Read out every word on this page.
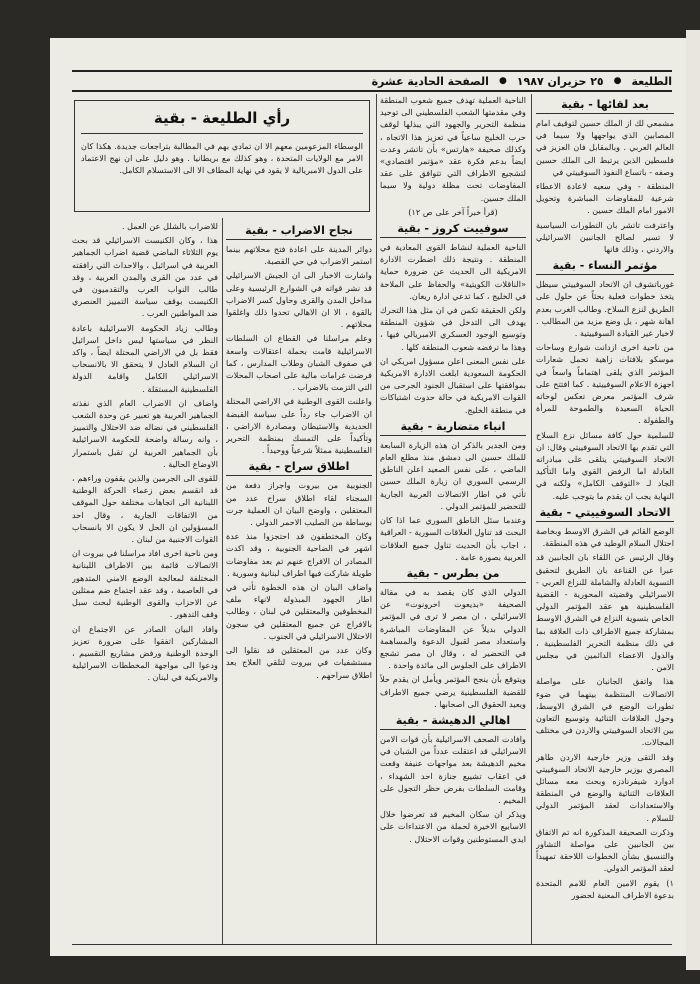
الطليعة
●
٢٥ حزيران ١٩٨٧
●
الصفحة الحادية عشرة
بعد لقائها - بقية

مشمعي لك از الملك حسين لتوقيف امام المصابين الذي يواجهها ولا سيما في العالم العربي . وبالمقابل فان العزيز في فلسطين الذين يرتبط الى الملك حسين وصفه - باتساع النفوذ السوفييتي في

المنطقة - وفي سعيه لاعادة الاعطاء شرعية للمفاوضات المباشرة وتحويل الامور امام الملك حسين .

واعترفت تاتشر بان التطورات السياسية لا تسير لصالح الجانبين الاسرائيلي والاردني ، وذلك فانها

مؤتمر النساء - بقية

غورباتشوف ان الاتحاد السوفييتي سيظل يتخذ خطوات فعلية بحثاً عن حلول على الطريق لنزع السلاح. وطالب الغرب بعدم اهانة شهر ، بل وضع مزيد من المطالب . لاخيار غير القيادة السوفييتية .

من ناحية اخرى ازدانت شوارع وساحات موسكو بلافتات زاهية تحمل شعارات المؤتمر الذي يلقى اهتماماً واسعاً في اجهزة الاعلام السوفييتية . كما افتتح على شرف المؤتمر معرض تعكس لوحاته الحياة السعيدة والطموحة للمرأة والطفولة .

للسلمية حول كافة مسائل نزع السلاح التي تقدم بها الاتحاد السوفييتي وقال: ان الاتحاد السوفييتي يتلقى على مبادراته العادلة اما الرفض القوي واما التأكيد الجاد لـ «التوقف الكامل» ولكنه في النهاية يجب ان يقدم ما يتوجب عليه.

الاتحاد السوفييتي - بقية

الوضع القائم في الشرق الاوسط وبخاصة احتلال السلام الوطيد في هذه المنطقة.

وقال الرئيس عن اللقاء بان الجانبين قد عبرا عن القناعة بان الطريق لتحقيق التسوية العادلة والشاملة للنزاع العربي - الاسرائيلي وقضيته المحورية - القضية الفلسطينية هو عقد المؤتمر الدولي الخاص بتسوية النزاع في الشرق الاوسط بمشاركة جميع الاطراف ذات العلاقة بما في ذلك منظمة التحرير الفلسطينية ، والدول الاعضاء الدائمين في مجلس الامن .

هذا واتفق الجانبان على مواصلة الاتصالات المنتظمة بينهما في ضوء تطورات الوضع في الشرق الاوسط، وحول العلاقات الثنائية وتوسيع التعاون بين الاتحاد السوفييتي والاردن في مختلف المجالات.

وقد التقى وزير خارجية الاردن طاهر المصري بوزير خارجية الاتحاد السوفييتي ادوارد شيفرنادزه وبحث معه مسائل العلاقات الثنائية والوضع في المنطقة والاستعدادات لعقد المؤتمر الدولي للسلام .

وذكرت الصحيفة المذكورة انه تم الاتفاق بين الجانبين على مواصلة التشاور والتنسيق بشأن الخطوات اللاحقة تمهيداً لعقد المؤتمر الدولي.

١) يقوم الامين العام للامم المتحدة بدعوة الاطراف المعنية لحضور

الناحية العملية تهدف جميع شعوب المنطقة وفي مقدمتها الشعب الفلسطيني الى توحيد منظمة التحرير والجهود التي يبذلها لوقف حرب الخليج ساعياً في تعزيز هذا الاتجاه ، وكذلك صحيفة «هارتس» بأن تاتشر وعدت ايضاً بدعم فكرة عقد «مؤتمر اقتصادي» لتشجيع الاطراف التي تتوافق على عقد المفاوضات تحت مظلة دولية ولا سيما الملك حسين.

(قرأ خبراً آخر على ص ١٢)

سوفييت كروز - بقية

الناحية العملية لنشاط القوى المعادية في المنطقة . ونتيجة ذلك اضطرت الادارة الامريكية الى الحديث عن ضرورة حماية «الناقلات الكويتية» والحفاظ على الملاحة في الخليج ، كما تدعي ادارة ريغان.

ولكن الحقيقة تكمن في ان مثل هذا التحرك يهدف الى التدخل في شؤون المنطقة وتوسيع الوجود العسكري الامبريالي فيها ، وهذا ما ترفضه شعوب المنطقة كلها .

على نفس المعنى اعلن مسؤول امريكي ان الحكومة السعودية ابلغت الادارة الامريكية بموافقتها على استقبال الجنود الجرحى من القوات الامريكية في حالة حدوث اشتباكات في منطقة الخليج.

انباء متضاربة - بقية

ومن الجدير بالذكر ان هذه الزيارة السابعة للملك حسين الى دمشق منذ مطلع العام الماضي ، على نفس الصعيد اعلن الناطق الرسمي السوري ان زيارة الملك حسين تأتي في اطار الاتصالات العربية الجارية للتحضير للمؤتمر الدولي .

وعندما سئل الناطق السوري عما اذا كان البحث قد تناول العلاقات السورية - العراقية ، اجاب بأن الحديث تناول جميع العلاقات العربية بصورة عامة .

من بطرس - بقية

الدولي الذي كان يقصد به في مقالة الصحيفة «بديعوت احرونوت» عن الاسرائيلي ، ان مصر لا ترى في المؤتمر الدولي بديلاً عن المفاوضات المباشرة واستعداد مصر لقبول الدعوة والمساهمة في التحضير له ، وقال ان مصر تشجع الاطراف على الجلوس الى مائدة واحدة .

ويتوقع بأن ينجح المؤتمر ويأمل ان يقدم حلاً للقضية الفلسطينية يرضي جميع الاطراف ويعيد الحقوق الى اصحابها .

اهالي الدهيشة - بقية

وافادت الصحف الاسرائيلية بأن قوات الامن الاسرائيلي قد اعتقلت عدداً من الشبان في مخيم الدهيشة بعد مواجهات عنيفة وقعت في اعقاب تشييع جنازة احد الشهداء ، وقامت السلطات بفرض حظر التجول على المخيم .

ويذكر ان سكان المخيم قد تعرضوا خلال الاسابيع الاخيرة لحملة من الاعتداءات على ايدي المستوطنين وقوات الاحتلال .

رأي الطليعة - بقية

الوسطاء المزعومين معهم الا ان تمادي بهم في المطالبة بتراجعات جديدة. هكذا كان الامر مع الولايات المتحدة ، وهو كذلك مع بريطانيا . وهو دليل على ان نهج الاعتماد على الدول الامبريالية لا يقود في نهاية المطاف الا الى الاستسلام الكامل.

نجاح الاضراب - بقية

دوائر المدينة على اعادة فتح محلاتهم بينما استمر الاضراب في حي القصبة.

واشارت الاخبار الى ان الجيش الاسرائيلي قد نشر قواته في الشوارع الرئيسية وعلى مداخل المدن والقرى وحاول كسر الاضراب بالقوة ، الا ان الاهالي تحدوا ذلك واغلقوا محلاتهم .

وعلم مراسلنا في القطاع ان السلطات الاسرائيلية قامت بحملة اعتقالات واسعة في صفوف الشبان وطلاب المدارس ، كما فرضت غرامات مالية على اصحاب المحلات التي التزمت بالاضراب .

واعلنت القوى الوطنية في الاراضي المحتلة ان الاضراب جاء رداً على سياسة القبضة الحديدية والاستيطان ومصادرة الاراضي ، وتأكيداً على التمسك بمنظمة التحرير الفلسطينية ممثلاً شرعياً ووحيداً .

اطلاق سراح - بقية

الجنوبية من بيروت واجراز دفعة من السجناء لقاء اطلاق سراح عدد من المعتقلين ، واوضح البيان ان العملية جرت بوساطة من الصليب الاحمر الدولي .

وكان المختطفون قد احتجزوا منذ عدة اشهر في الضاحية الجنوبية ، وقد اكدت المصادر ان الافراج عنهم تم بعد مفاوضات طويلة شاركت فيها اطراف لبنانية وسورية .

واضاف البيان ان هذه الخطوة تأتي في اطار الجهود المبذولة لانهاء ملف المخطوفين والمعتقلين في لبنان ، وطالب بالافراج عن جميع المعتقلين في سجون الاحتلال الاسرائيلي في الجنوب .

وكان عدد من المعتقلين قد نقلوا الى مستشفيات في بيروت لتلقي العلاج بعد اطلاق سراحهم .

للاضراب بالشلل عن العمل .

هذا ، وكان الكنيست الاسرائيلي قد بحث يوم الثلاثاء الماضي قضية اضراب الجماهير العربية في اسرائيل ، والاحداث التي رافقته في عدد من القرى والمدن العربية ، وقد طالب النواب العرب والتقدميون في الكنيست بوقف سياسة التمييز العنصري ضد المواطنين العرب .

وطالب زياد الحكومة الاسرائيلية باعادة النظر في سياستها ليس داخل اسرائيل فقط بل في الاراضي المحتلة ايضاً ، واكد ان السلام العادل لا يتحقق الا بالانسحاب الاسرائيلي الكامل واقامة الدولة الفلسطينية المستقلة .

واضاف ان الاضراب العام الذي نفذته الجماهير العربية هو تعبير عن وحدة الشعب الفلسطيني في نضاله ضد الاحتلال والتمييز ، وانه رسالة واضحة للحكومة الاسرائيلية بأن الجماهير العربية لن تقبل باستمرار الاوضاع الحالية .

للقوى الى الجرمين والذين يقفون وراءهم ، قد انقسم بعض زعماء الحركة الوطنية اللبنانية الى اتجاهات مختلفة حول الموقف من الاتفاقات الجارية ، وقال احد المسؤولين ان الحل لا يكون الا بانسحاب القوات الاجنبية من لبنان .

ومن ناحية اخرى افاد مراسلنا في بيروت ان الاتصالات قائمة بين الاطراف اللبنانية المختلفة لمعالجة الوضع الامني المتدهور في العاصمة ، وقد عقد اجتماع ضم ممثلين عن الاحزاب والقوى الوطنية لبحث سبل وقف التدهور .

وافاد البيان الصادر عن الاجتماع ان المشاركين اتفقوا على ضرورة تعزيز الوحدة الوطنية ورفض مشاريع التقسيم ، ودعوا الى مواجهة المخططات الاسرائيلية والامريكية في لبنان .
